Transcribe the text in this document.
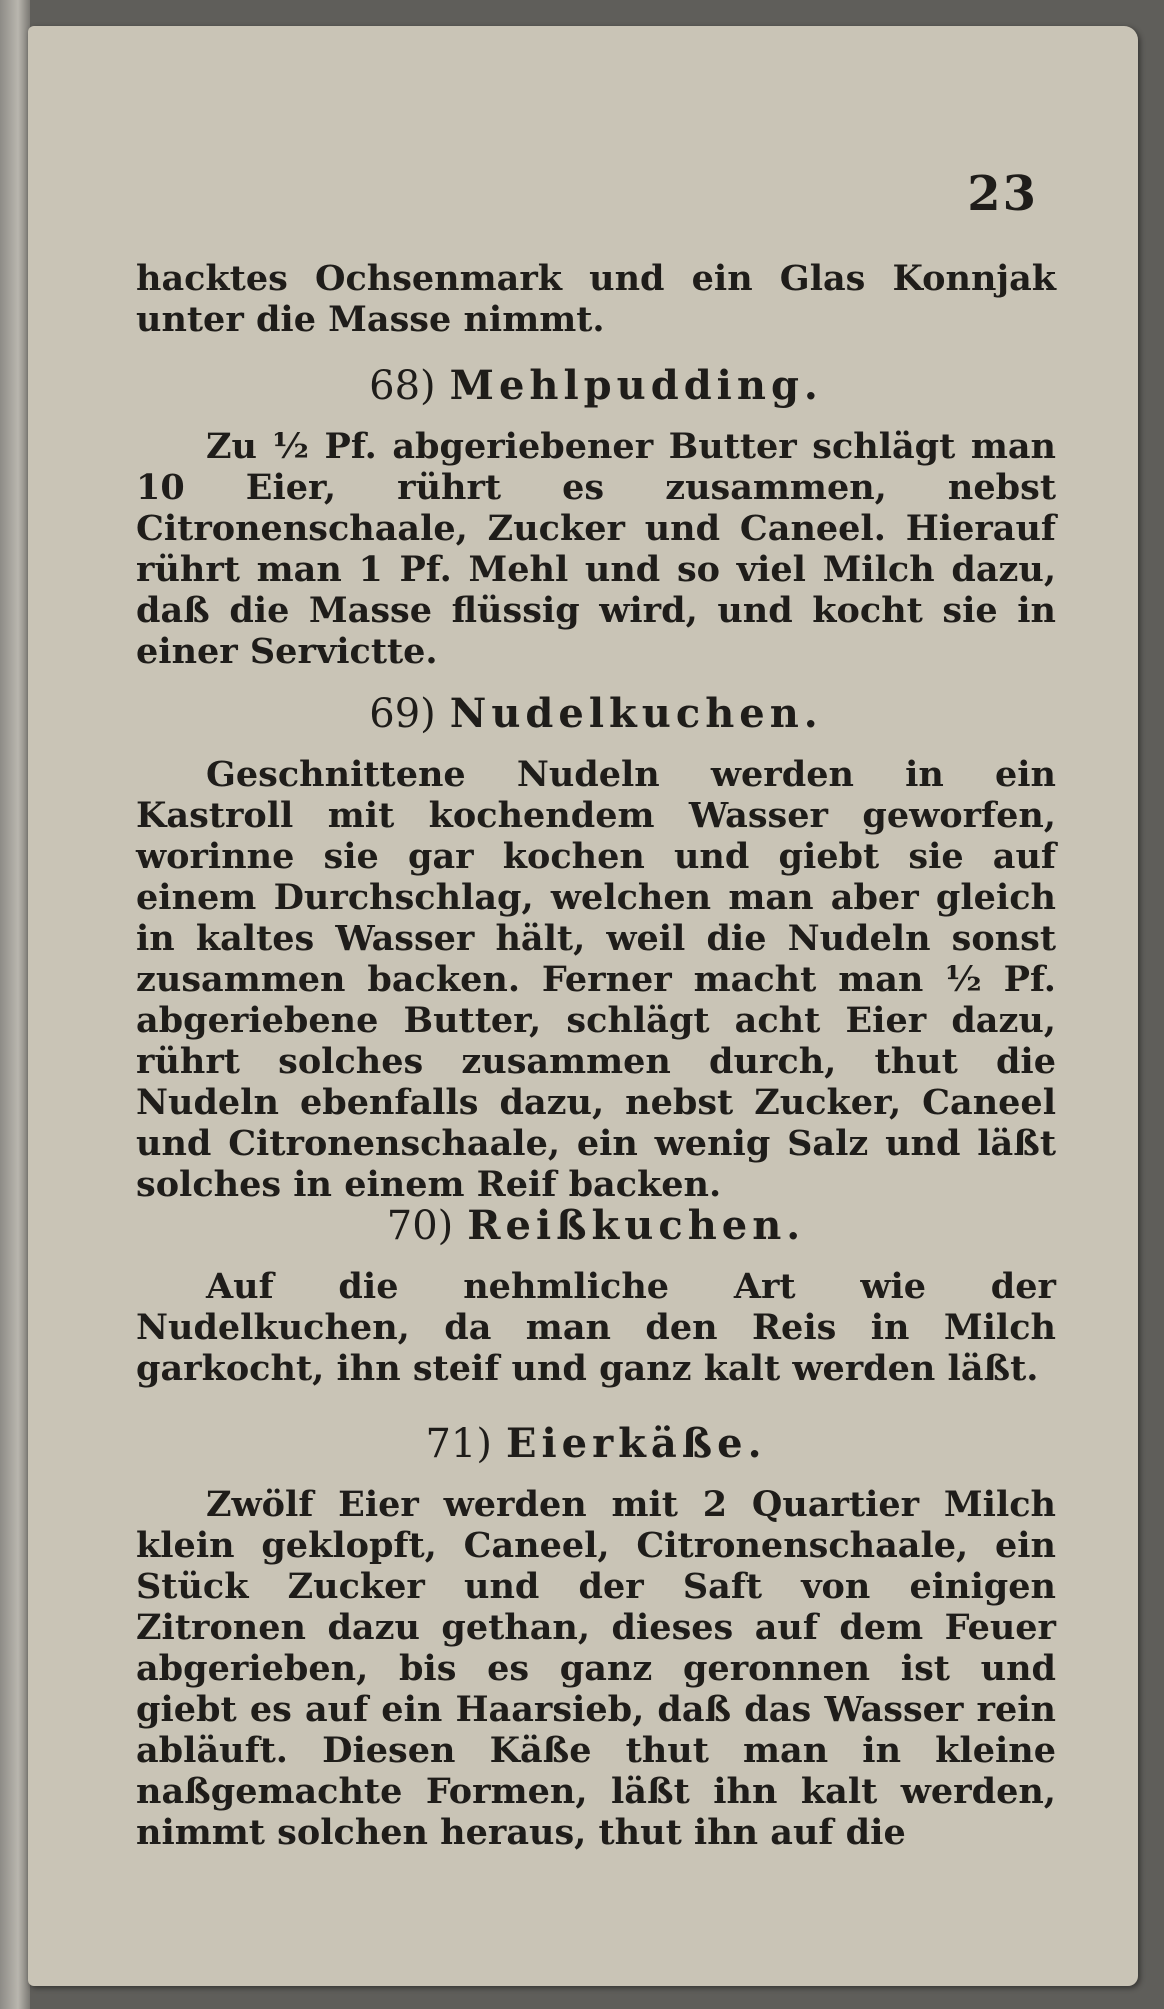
23
hacktes Ochsenmark und ein Glas Konnjak unter die Masse nimmt.
68) Mehlpudding.
Zu ½ Pf. abgeriebener Butter schlägt man 10 Eier, rührt es zusammen, nebst Citronenschaale, Zucker und Caneel. Hierauf rührt man 1 Pf. Mehl und so viel Milch dazu, daß die Masse flüssig wird, und kocht sie in einer Servictte.
69) Nudelkuchen.
Geschnittene Nudeln werden in ein Kastroll mit kochendem Wasser geworfen, worinne sie gar kochen und giebt sie auf einem Durchschlag, welchen man aber gleich in kaltes Wasser hält, weil die Nudeln sonst zusammen backen. Ferner macht man ½ Pf. abgeriebene Butter, schlägt acht Eier dazu, rührt solches zusammen durch, thut die Nudeln ebenfalls dazu, nebst Zucker, Caneel und Citronenschaale, ein wenig Salz und läßt solches in einem Reif backen.
70) Reißkuchen.
Auf die nehmliche Art wie der Nudelkuchen, da man den Reis in Milch garkocht, ihn steif und ganz kalt werden läßt.
71) Eierkäße.
Zwölf Eier werden mit 2 Quartier Milch klein geklopft, Caneel, Citronenschaale, ein Stück Zucker und der Saft von einigen Zitronen dazu gethan, dieses auf dem Feuer abgerieben, bis es ganz geronnen ist und giebt es auf ein Haarsieb, daß das Wasser rein abläuft. Diesen Käße thut man in kleine naßgemachte Formen, läßt ihn kalt werden, nimmt solchen heraus, thut ihn auf die
